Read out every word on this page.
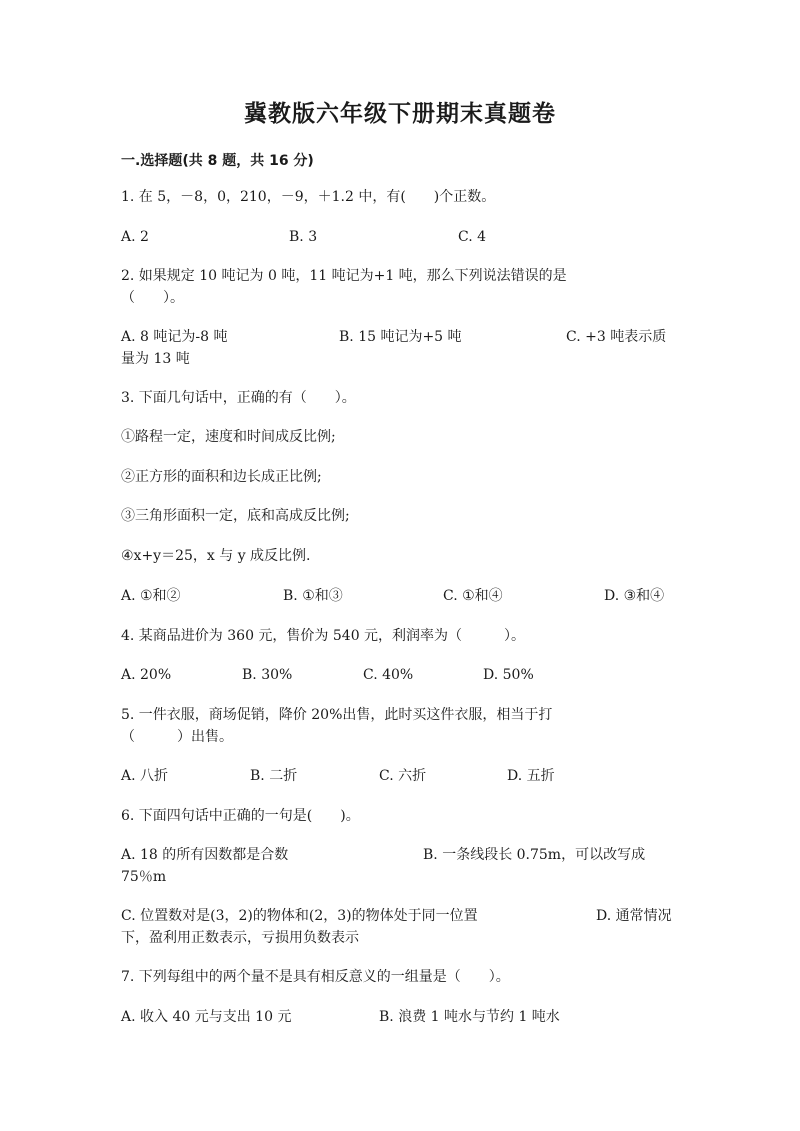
冀教版六年级下册期末真题卷
一.选择题(共 8 题，共 16 分)
1. 在 5，－8，0，210，－9，＋1.2 中，有(　　)个正数。
A. 2	B. 3	C. 4
2. 如果规定 10 吨记为 0 吨，11 吨记为+1 吨，那么下列说法错误的是
（　　）。
A. 8 吨记为-8 吨	B. 15 吨记为+5 吨	C. +3 吨表示质
量为 13 吨
3. 下面几句话中，正确的有（　　）。
①路程一定，速度和时间成反比例;
②正方形的面积和边长成正比例;
③三角形面积一定，底和高成反比例;
④x+y＝25，x 与 y 成反比例.
A. ①和②	B. ①和③	C. ①和④	D. ③和④
4. 某商品进价为 360 元，售价为 540 元，利润率为（　　　）。
A. 20%	B. 30%	C. 40%	D. 50%
5. 一件衣服，商场促销，降价 20%出售，此时买这件衣服，相当于打
（　　　）出售。
A. 八折	B. 二折	C. 六折	D. 五折
6. 下面四句话中正确的一句是(　　)。
A. 18 的所有因数都是合数	B. 一条线段长 0.75m，可以改写成
75％m
C. 位置数对是(3，2)的物体和(2，3)的物体处于同一位置	D. 通常情况
下，盈利用正数表示，亏损用负数表示
7. 下列每组中的两个量不是具有相反意义的一组量是（　　）。
A. 收入 40 元与支出 10 元	B. 浪费 1 吨水与节约 1 吨水
